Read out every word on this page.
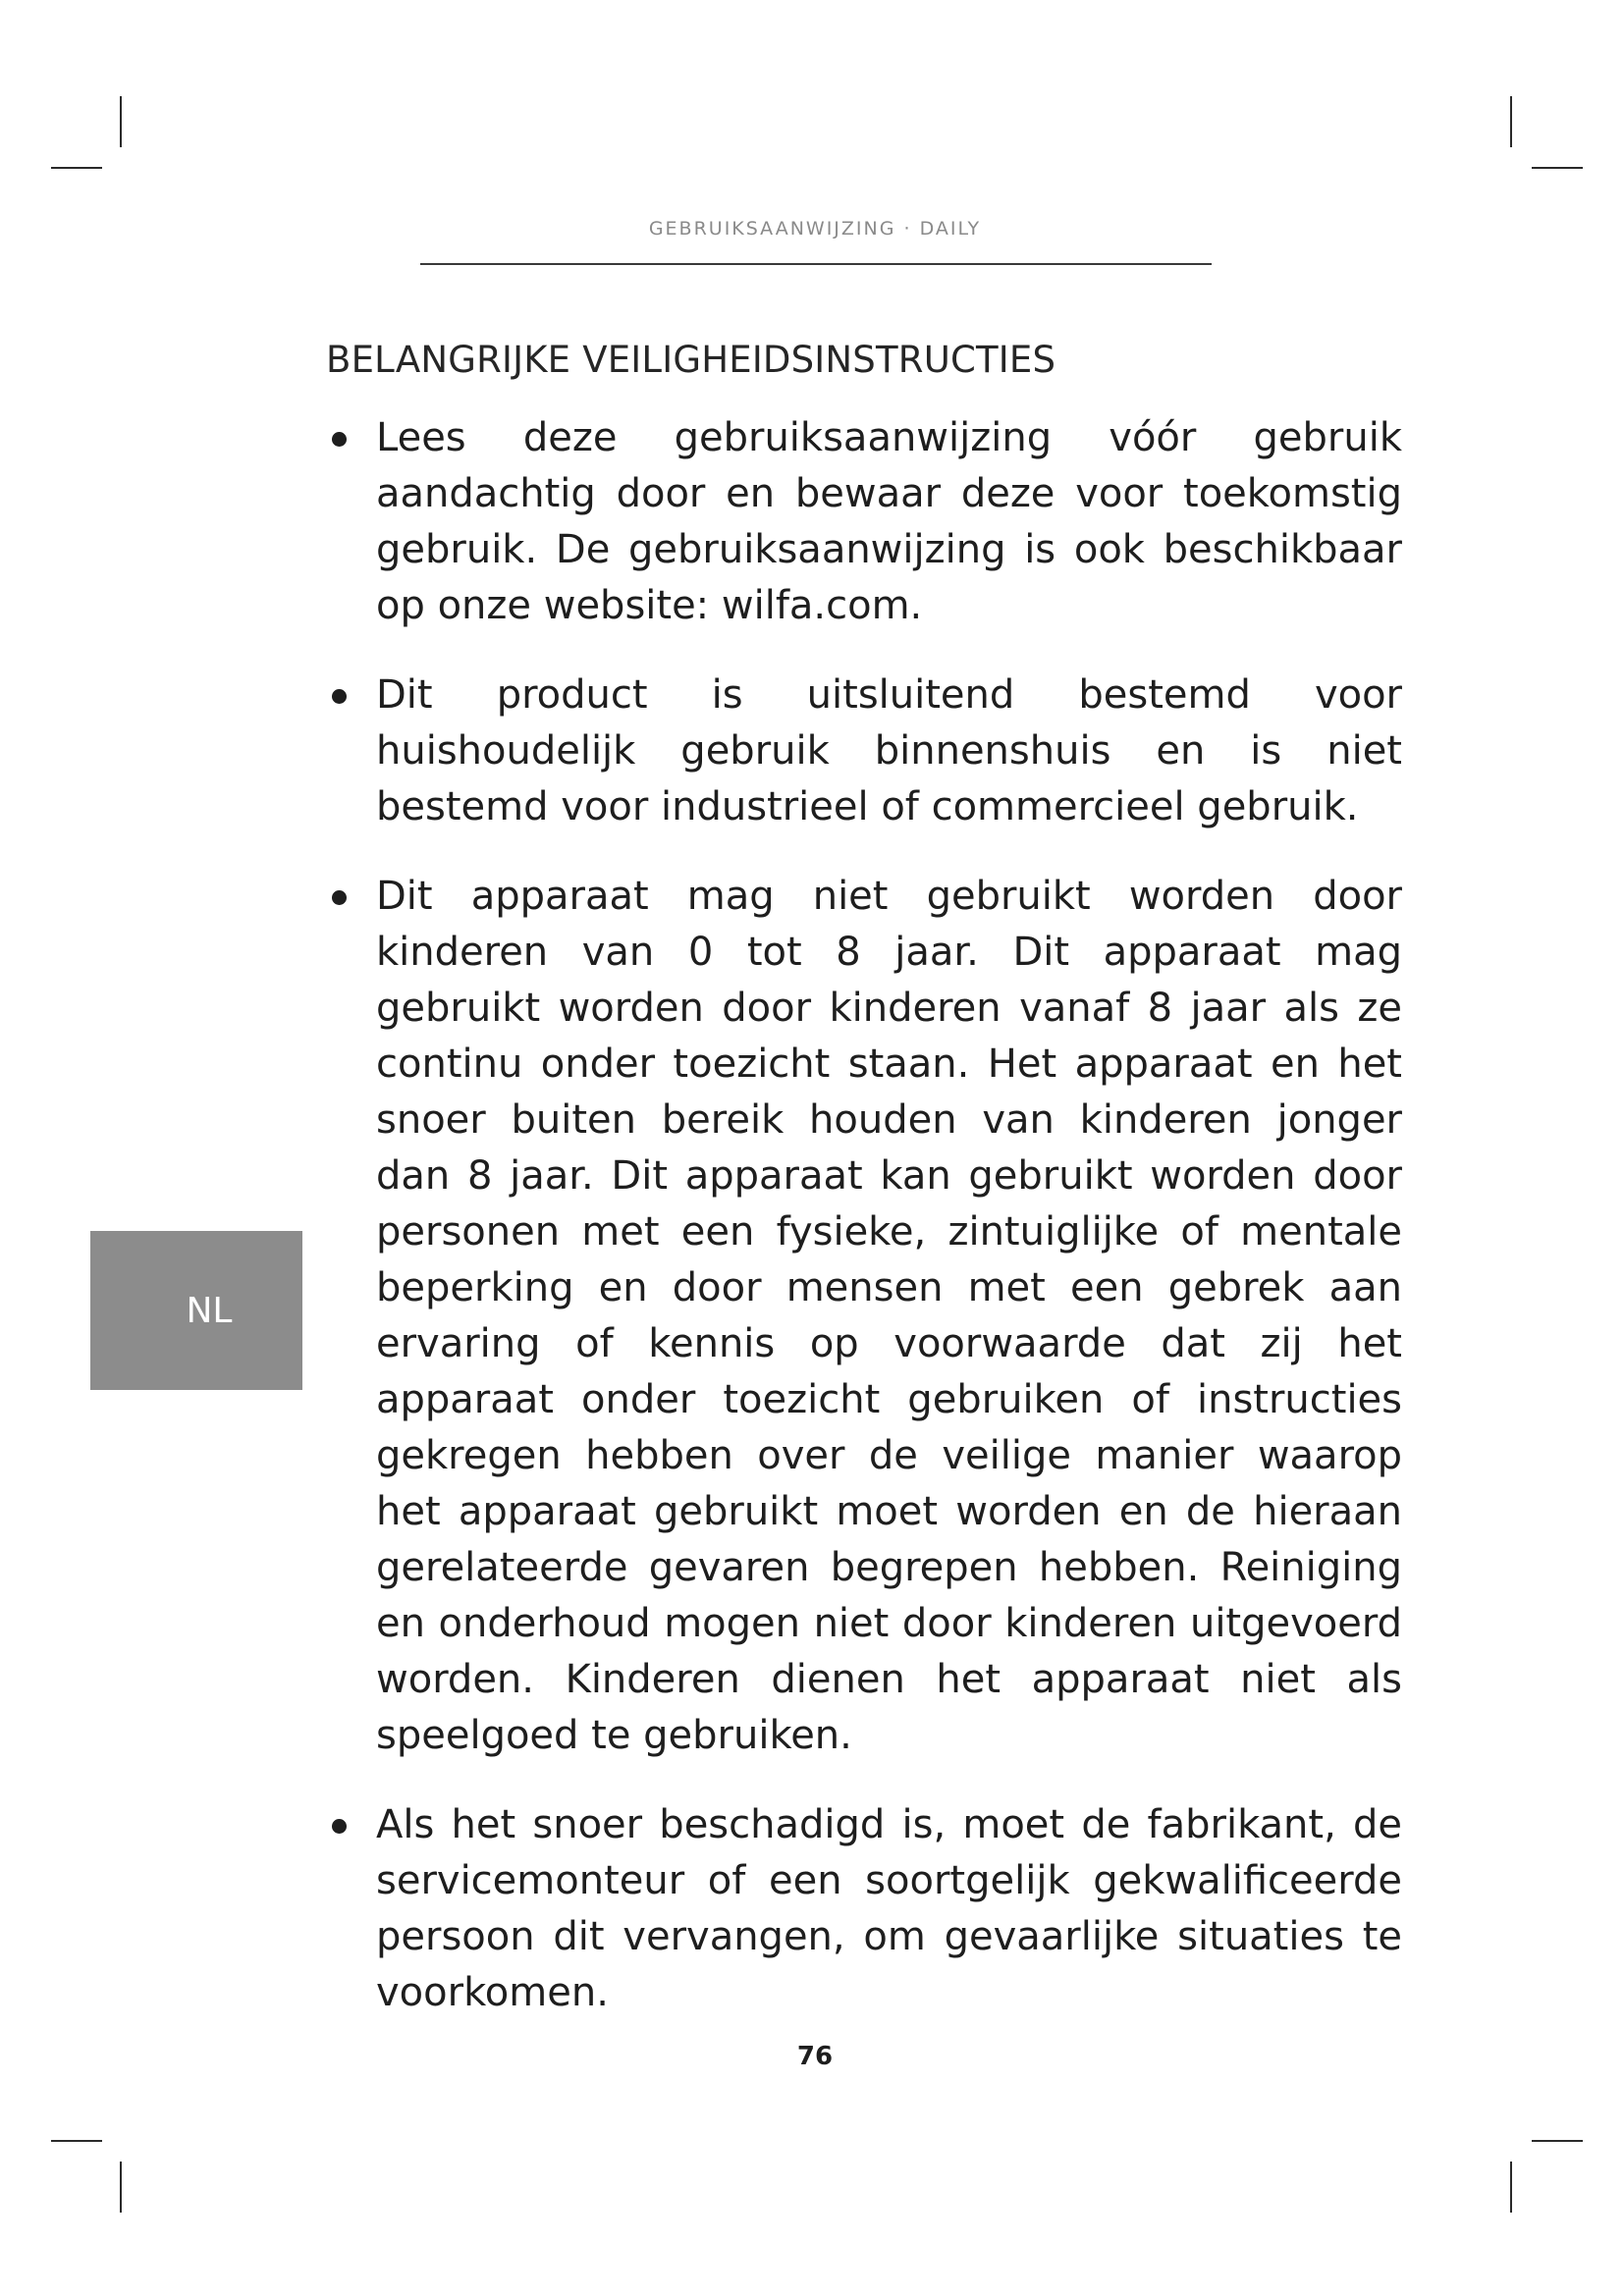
GEBRUIKSAANWIJZING · DAILY
BELANGRIJKE VEILIGHEIDSINSTRUCTIES
Lees deze gebruiksaanwijzing vóór gebruik aandachtig door en bewaar deze voor toekomstig gebruik. De gebruiksaanwijzing is ook beschikbaar op onze website: wilfa.com.
Dit product is uitsluitend bestemd voor huishoudelijk gebruik binnenshuis en is niet bestemd voor industrieel of commercieel gebruik.
Dit apparaat mag niet gebruikt worden door kinderen van 0 tot 8 jaar. Dit apparaat mag gebruikt worden door kinderen vanaf 8 jaar als ze continu onder toezicht staan. Het apparaat en het snoer buiten bereik houden van kinderen jonger dan 8 jaar. Dit apparaat kan gebruikt worden door personen met een fysieke, zintuiglijke of mentale beperking en door mensen met een gebrek aan ervaring of kennis op voorwaarde dat zij het apparaat onder toezicht gebruiken of instructies gekregen hebben over de veilige manier waarop het apparaat gebruikt moet worden en de hieraan gerelateerde gevaren begrepen hebben. Reiniging en onderhoud mogen niet door kinderen uitgevoerd worden. Kinderen dienen het apparaat niet als speelgoed te gebruiken.
Als het snoer beschadigd is, moet de fabrikant, de servicemonteur of een soortgelijk gekwalificeerde persoon dit vervangen, om gevaarlijke situaties te voorkomen.
NL
76
